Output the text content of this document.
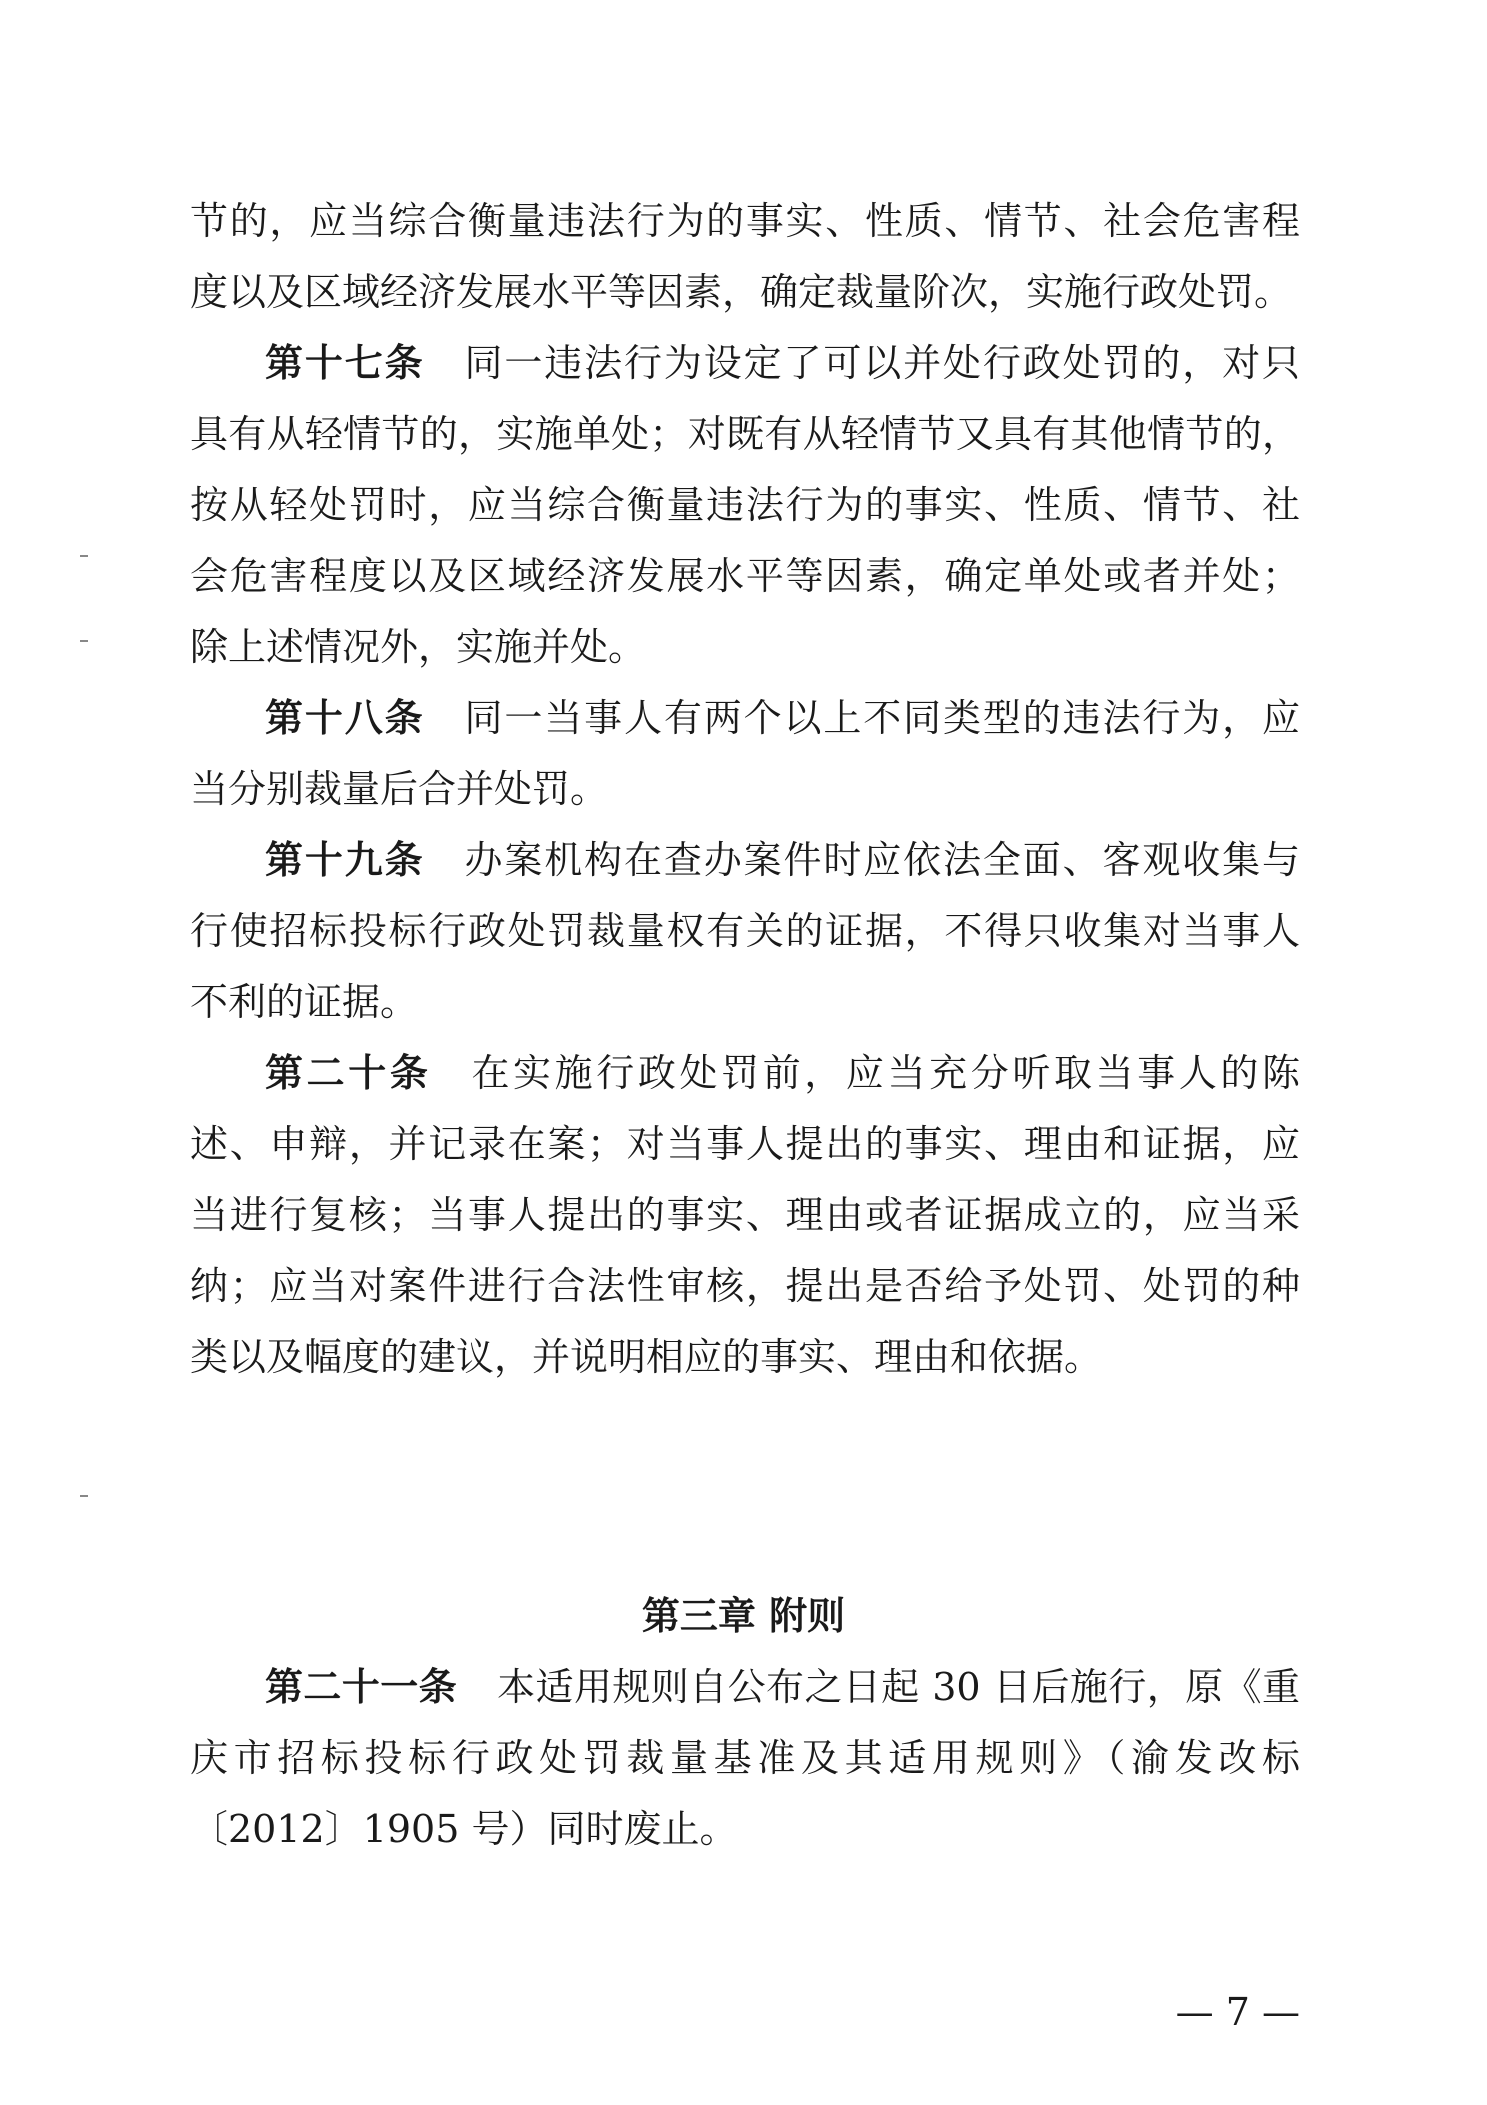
节的，应当综合衡量违法行为的事实、性质、情节、社会危害程
度以及区域经济发展水平等因素，确定裁量阶次，实施行政处罚。
第十七条 同一违法行为设定了可以并处行政处罚的，对只
具有从轻情节的，实施单处；对既有从轻情节又具有其他情节的，
按从轻处罚时，应当综合衡量违法行为的事实、性质、情节、社
会危害程度以及区域经济发展水平等因素，确定单处或者并处；
除上述情况外，实施并处。
第十八条 同一当事人有两个以上不同类型的违法行为，应
当分别裁量后合并处罚。
第十九条 办案机构在查办案件时应依法全面、客观收集与
行使招标投标行政处罚裁量权有关的证据，不得只收集对当事人
不利的证据。
第二十条 在实施行政处罚前，应当充分听取当事人的陈
述、申辩，并记录在案；对当事人提出的事实、理由和证据，应
当进行复核；当事人提出的事实、理由或者证据成立的，应当采
纳；应当对案件进行合法性审核，提出是否给予处罚、处罚的种
类以及幅度的建议，并说明相应的事实、理由和依据。
第三章 附则
第二十一条 本适用规则自公布之日起 30 日后施行，原《重
庆市招标投标行政处罚裁量基准及其适用规则》（渝发改标
〔2012〕1905 号）同时废止。
— 7 —
